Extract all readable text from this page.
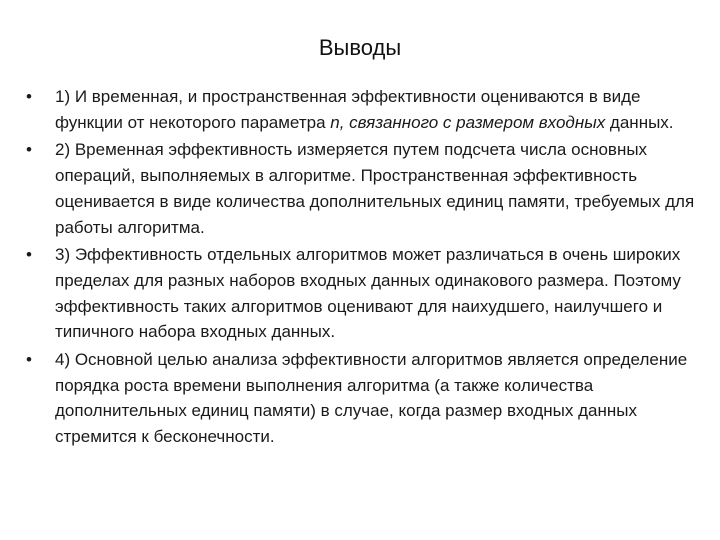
Выводы
•	1) И временная, и пространственная эффективности оцениваются в виде функции от некоторого параметра n, связанного с размером входных данных.
•	2) Временная эффективность измеряется путем подсчета числа основных операций, выполняемых в алгоритме. Пространственная эффективность оценивается в виде количества дополнительных единиц памяти, требуемых для работы алгоритма.
•	3) Эффективность отдельных алгоритмов может различаться в очень широких пределах для разных наборов входных данных одинакового размера. Поэтому эффективность таких алгоритмов оценивают для наихудшего, наилучшего и типичного набора входных данных.
•	4) Основной целью анализа эффективности алгоритмов является определение порядка роста времени выполнения алгоритма (а также количества дополнительных единиц памяти) в случае, когда размер входных данных стремится к бесконечности.
